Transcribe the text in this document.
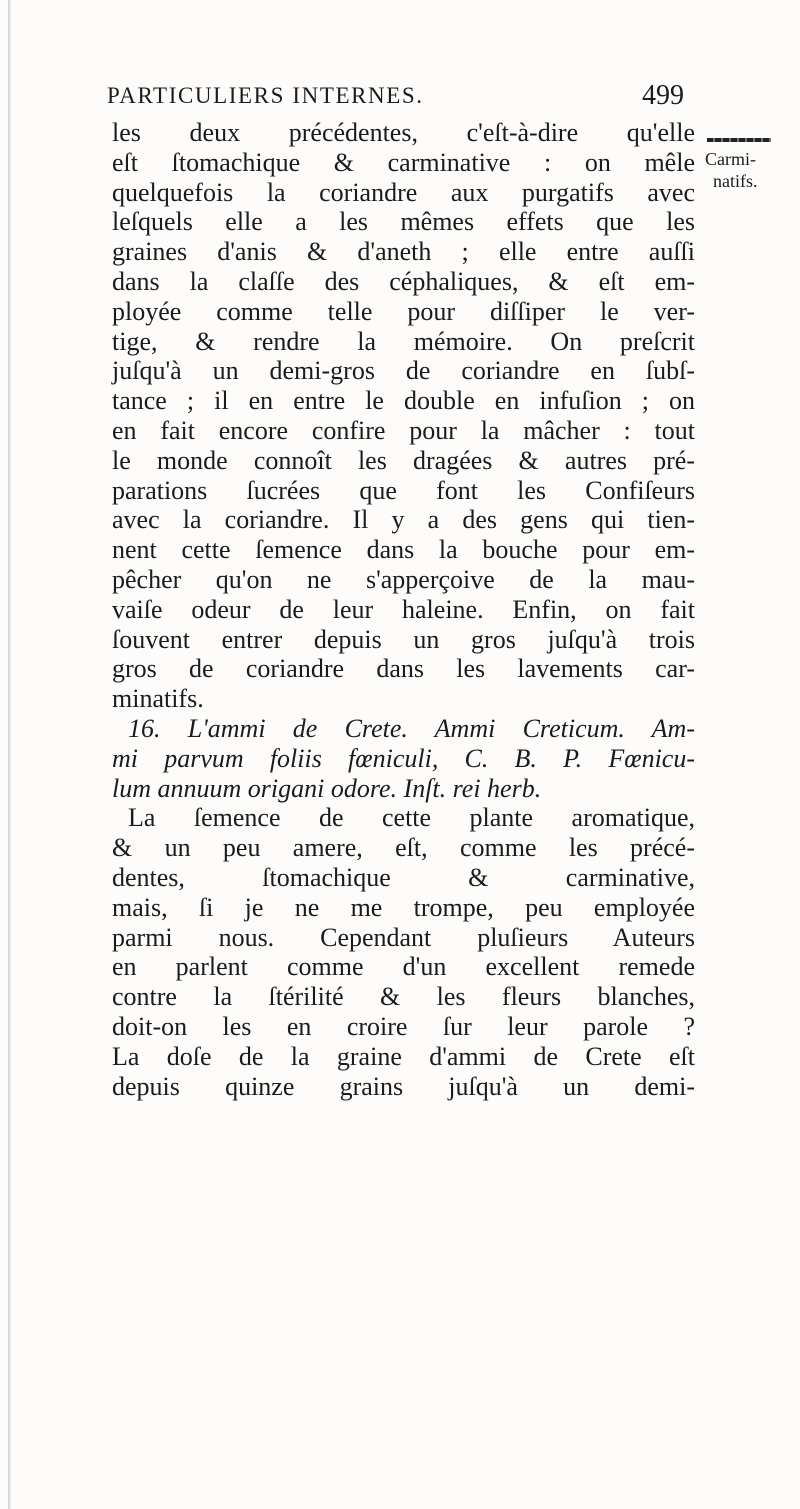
PARTICULIERS INTERNES.	499
les deux précédentes, c'eſt-à-dire qu'elle
eſt ſtomachique & carminative : on mêle
quelquefois la coriandre aux purgatifs avec
leſquels elle a les mêmes effets que les
graines d'anis & d'aneth ; elle entre auſſi
dans la claſſe des céphaliques, & eſt em-
ployée comme telle pour diſſiper le ver-
tige, & rendre la mémoire. On preſcrit
juſqu'à un demi-gros de coriandre en ſubſ-
tance ; il en entre le double en infuſion ; on
en fait encore confire pour la mâcher : tout
le monde connoît les dragées & autres pré-
parations ſucrées que font les Confiſeurs
avec la coriandre. Il y a des gens qui tien-
nent cette ſemence dans la bouche pour em-
pêcher qu'on ne s'apperçoive de la mau-
vaiſe odeur de leur haleine. Enfin, on fait
ſouvent entrer depuis un gros juſqu'à trois
gros de coriandre dans les lavements car-
minatifs.
16. L'ammi de Crete. Ammi Creticum. Am-
mi parvum foliis fœniculi, C. B. P. Fœnicu-
lum annuum origani odore. Inſt. rei herb.
La ſemence de cette plante aromatique,
& un peu amere, eſt, comme les précé-
dentes, ſtomachique & carminative,
mais, ſi je ne me trompe, peu employée
parmi nous. Cependant pluſieurs Auteurs
en parlent comme d'un excellent remede
contre la ſtérilité & les fleurs blanches,
doit-on les en croire ſur leur parole ?
La doſe de la graine d'ammi de Crete eſt
depuis quinze grains juſqu'à un demi-
Carmi-
natifs.
